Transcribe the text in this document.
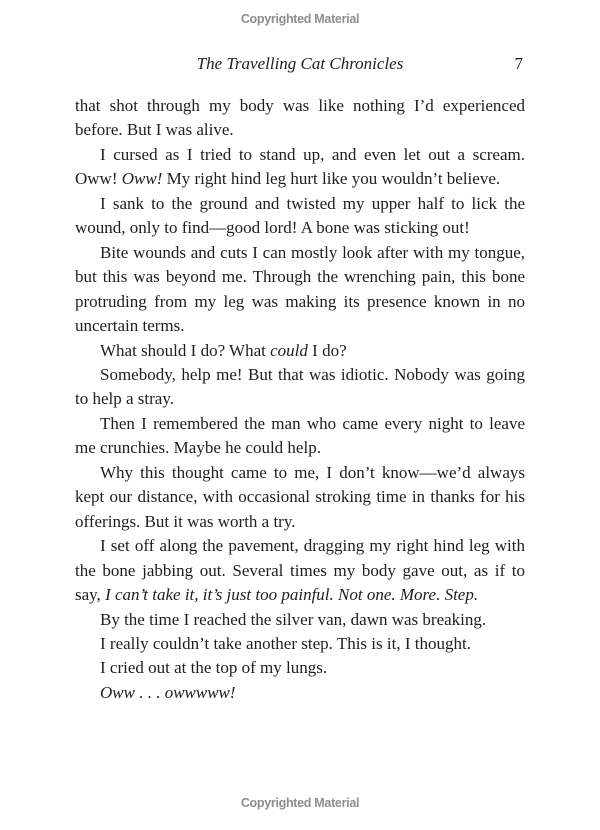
Copyrighted Material
The Travelling Cat Chronicles	7

that shot through my body was like nothing I’d experienced before. But I was alive.

I cursed as I tried to stand up, and even let out a scream. Oww! Oww! My right hind leg hurt like you wouldn’t believe.

I sank to the ground and twisted my upper half to lick the wound, only to find—good lord! A bone was sticking out!

Bite wounds and cuts I can mostly look after with my tongue, but this was beyond me. Through the wrenching pain, this bone protruding from my leg was making its presence known in no uncertain terms.

What should I do? What could I do?

Somebody, help me! But that was idiotic. Nobody was going to help a stray.

Then I remembered the man who came every night to leave me crunchies. Maybe he could help.

Why this thought came to me, I don’t know—we’d always kept our distance, with occasional stroking time in thanks for his offerings. But it was worth a try.

I set off along the pavement, dragging my right hind leg with the bone jabbing out. Several times my body gave out, as if to say, I can’t take it, it’s just too painful. Not one. More. Step.

By the time I reached the silver van, dawn was breaking.

I really couldn’t take another step. This is it, I thought.

I cried out at the top of my lungs.

Oww . . . owwwww!

Copyrighted Material
